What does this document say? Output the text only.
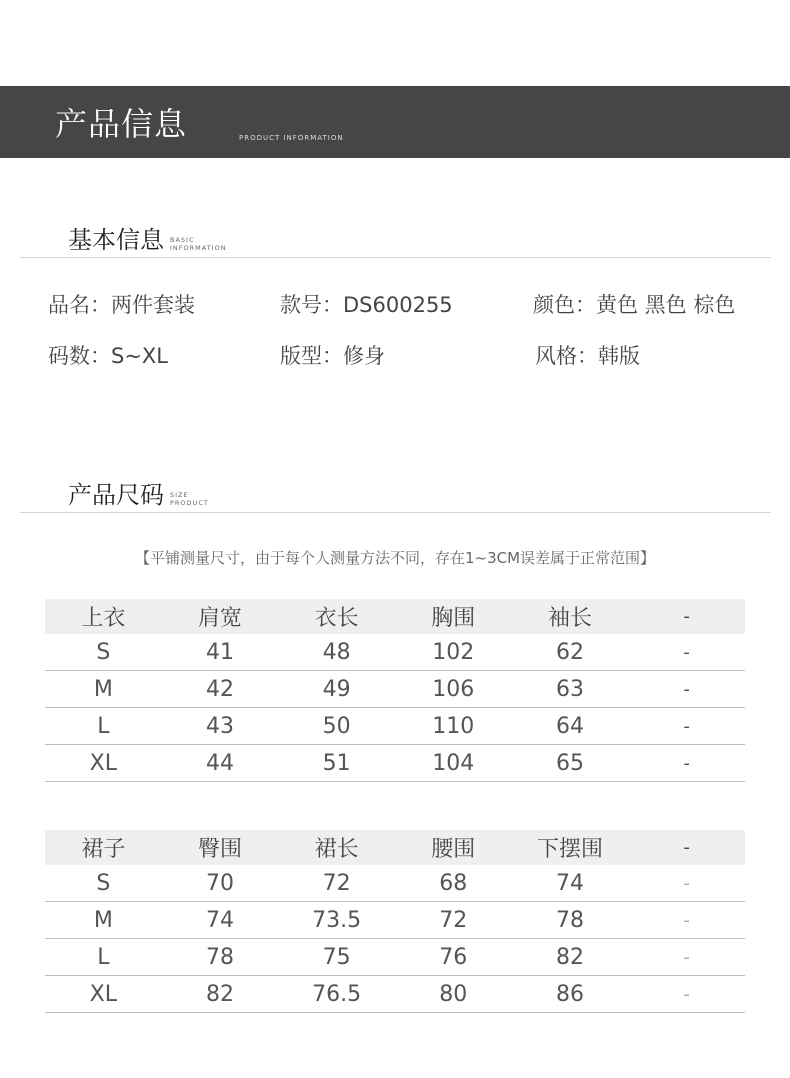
产品信息	PRODUCT INFORMATION
基本信息 BASIC
INFORMATION
品名：两件套装	款号：DS600255	颜色：黄色 黑色 棕色
码数：S~XL	版型：修身	风格：韩版
产品尺码 SIZE
PRODUCT
【平铺测量尺寸，由于每个人测量方法不同，存在1~3CM误差属于正常范围】
上衣	肩宽	衣长	胸围	袖长	-
S	41	48	102	62	-
M	42	49	106	63	-
L	43	50	110	64	-
XL	44	51	104	65	-
裙子	臀围	裙长	腰围	下摆围	-
S	70	72	68	74	-
M	74	73.5	72	78	-
L	78	75	76	82	-
XL	82	76.5	80	86	-
